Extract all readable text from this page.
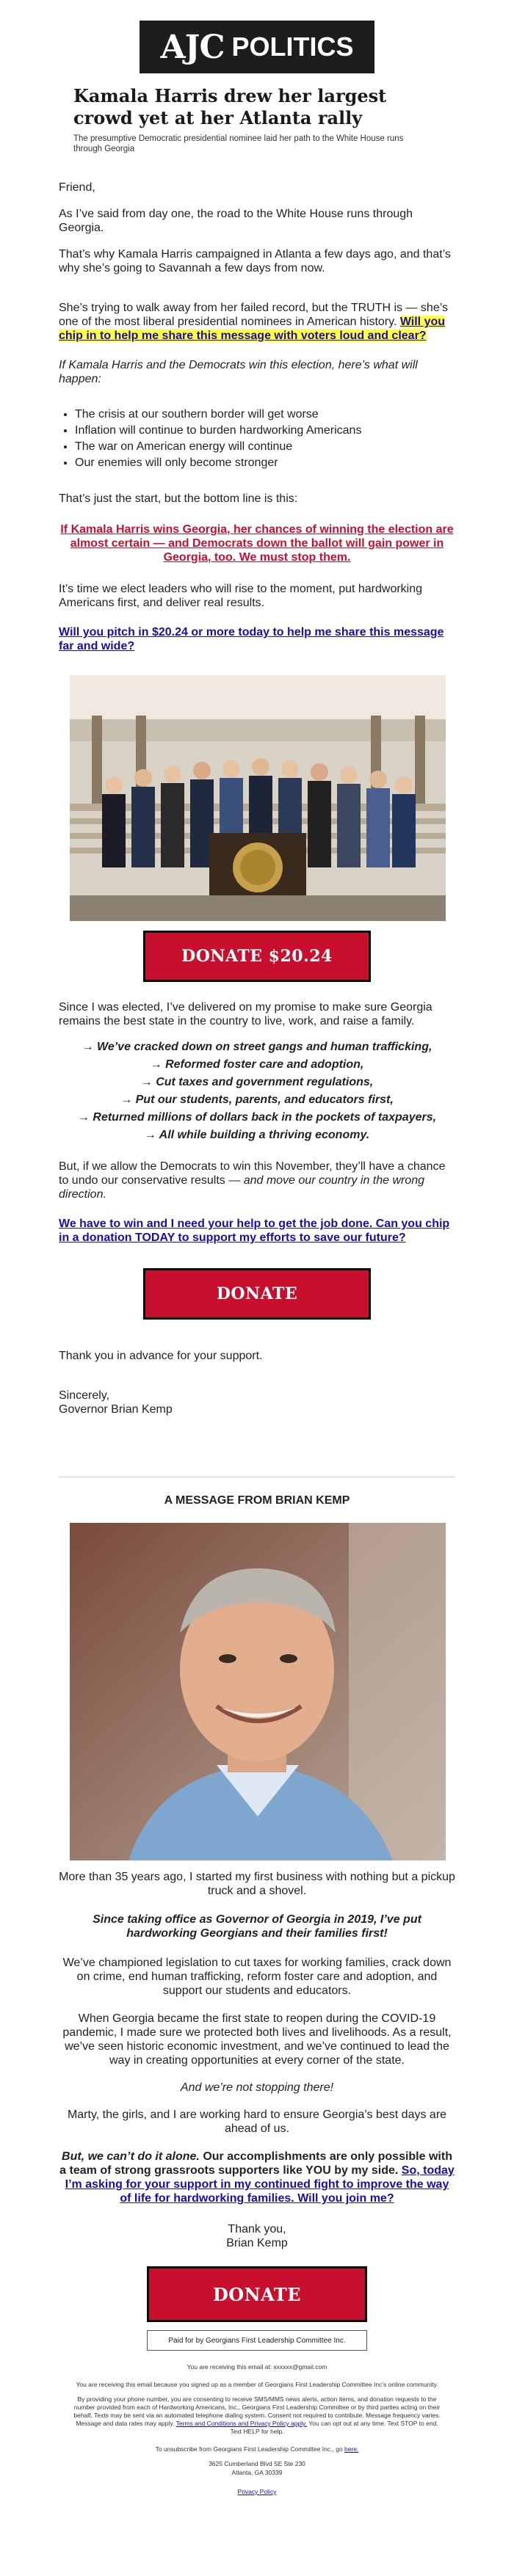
AJC POLITICS
Kamala Harris drew her largest crowd yet at her Atlanta rally
The presumptive Democratic presidential nominee laid her path to the White House runs through Georgia

Friend,

As I’ve said from day one, the road to the White House runs through Georgia.

That’s why Kamala Harris campaigned in Atlanta a few days ago, and that’s why she’s going to Savannah a few days from now.

She’s trying to walk away from her failed record, but the TRUTH is — she’s one of the most liberal presidential nominees in American history. Will you chip in to help me share this message with voters loud and clear?

If Kamala Harris and the Democrats win this election, here’s what will happen:

• The crisis at our southern border will get worse
• Inflation will continue to burden hardworking Americans
• The war on American energy will continue
• Our enemies will only become stronger

That’s just the start, but the bottom line is this:

If Kamala Harris wins Georgia, her chances of winning the election are almost certain — and Democrats down the ballot will gain power in Georgia, too. We must stop them.

It’s time we elect leaders who will rise to the moment, put hardworking Americans first, and deliver real results.

Will you pitch in $20.24 or more today to help me share this message far and wide?

DONATE $20.24

Since I was elected, I’ve delivered on my promise to make sure Georgia remains the best state in the country to live, work, and raise a family.

→ We’ve cracked down on street gangs and human trafficking,
→ Reformed foster care and adoption,
→ Cut taxes and government regulations,
→ Put our students, parents, and educators first,
→ Returned millions of dollars back in the pockets of taxpayers,
→ All while building a thriving economy.

But, if we allow the Democrats to win this November, they’ll have a chance to undo our conservative results — and move our country in the wrong direction.

We have to win and I need your help to get the job done. Can you chip in a donation TODAY to support my efforts to save our future?

DONATE

Thank you in advance for your support.

Sincerely,

Governor Brian Kemp

A MESSAGE FROM BRIAN KEMP

More than 35 years ago, I started my first business with nothing but a pickup truck and a shovel.

Since taking office as Governor of Georgia in 2019, I’ve put hardworking Georgians and their families first!

We’ve championed legislation to cut taxes for working families, crack down on crime, end human trafficking, reform foster care and adoption, and support our students and educators.

When Georgia became the first state to reopen during the COVID-19 pandemic, I made sure we protected both lives and livelihoods. As a result, we’ve seen historic economic investment, and we’ve continued to lead the way in creating opportunities at every corner of the state.

And we’re not stopping there!

Marty, the girls, and I are working hard to ensure Georgia’s best days are ahead of us.

But, we can’t do it alone. Our accomplishments are only possible with a team of strong grassroots supporters like YOU by my side. So, today I’m asking for your support in my continued fight to improve the way of life for hardworking families. Will you join me?

Thank you,

Brian Kemp

DONATE
Paid for by Georgians First Leadership Committee Inc.
You are receiving this email at: xxxxxx@gmail.com
You are receiving this email because you signed up as a member of Georgians First Leadership Committee Inc’s online community.
By providing your phone number, you are consenting to receive SMS/MMS news alerts, action items, and donation requests to the number provided from each of Hardworking Americans, Inc., Georgians First Leadership Committee or by third parties acting on their behalf. Texts may be sent via an automated telephone dialing system. Consent not required to contribute. Message frequency varies. Message and data rates may apply. Terms and Conditions and Privacy Policy apply. You can opt out at any time. Text STOP to end. Text HELP for help.
To unsubscribe from Georgians First Leadership Committee Inc., go here.
3625 Cumberland Blvd SE Ste 230
Atlanta, GA 30339
Privacy Policy
